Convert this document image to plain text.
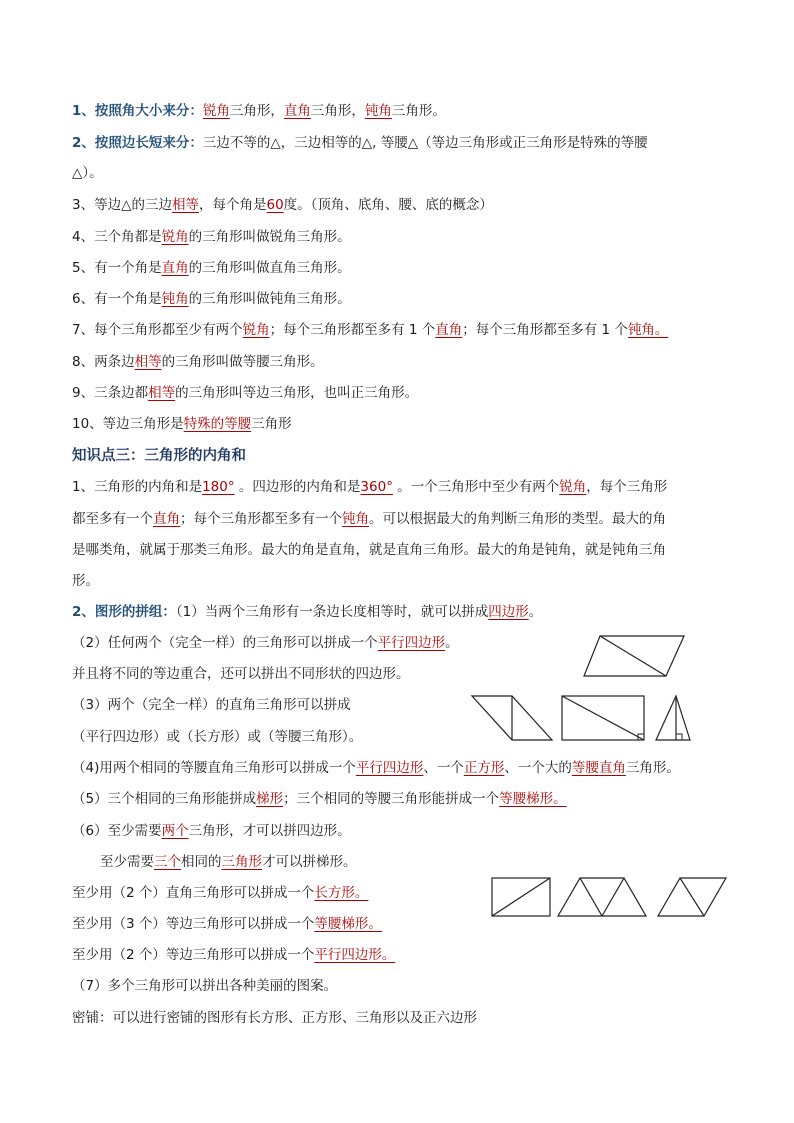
1、按照角大小来分：锐角三角形，直角三角形，钝角三角形。
2、按照边长短来分：三边不等的△，三边相等的△, 等腰△（等边三角形或正三角形是特殊的等腰
△）。
3、等边△的三边相等，每个角是60度。（顶角、底角、腰、底的概念）
4、三个角都是锐角的三角形叫做锐角三角形。
5、有一个角是直角的三角形叫做直角三角形。
6、有一个角是钝角的三角形叫做钝角三角形。
7、每个三角形都至少有两个锐角；每个三角形都至多有 1 个直角；每个三角形都至多有 1 个钝角。
8、两条边相等的三角形叫做等腰三角形。
9、三条边都相等的三角形叫等边三角形，也叫正三角形。
10、等边三角形是特殊的等腰三角形
知识点三：三角形的内角和
1、三角形的内角和是180° 。四边形的内角和是360° 。一个三角形中至少有两个锐角，每个三角形
都至多有一个直角；每个三角形都至多有一个钝角。可以根据最大的角判断三角形的类型。最大的角
是哪类角，就属于那类三角形。最大的角是直角，就是直角三角形。最大的角是钝角，就是钝角三角
形。
2、图形的拼组：（1）当两个三角形有一条边长度相等时，就可以拼成四边形。
（2）任何两个（完全一样）的三角形可以拼成一个平行四边形。
并且将不同的等边重合，还可以拼出不同形状的四边形。
（3）两个（完全一样）的直角三角形可以拼成
（平行四边形）或（长方形）或（等腰三角形）。
（4)用两个相同的等腰直角三角形可以拼成一个平行四边形、一个正方形、一个大的等腰直角三角形。
（5）三个相同的三角形能拼成梯形；三个相同的等腰三角形能拼成一个等腰梯形。
（6）至少需要两个三角形，才可以拼四边形。
至少需要三个相同的三角形才可以拼梯形。
至少用（2 个）直角三角形可以拼成一个长方形。
至少用（3 个）等边三角形可以拼成一个等腰梯形。
至少用（2 个）等边三角形可以拼成一个平行四边形。
（7）多个三角形可以拼出各种美丽的图案。
密铺：可以进行密铺的图形有长方形、正方形、三角形以及正六边形
